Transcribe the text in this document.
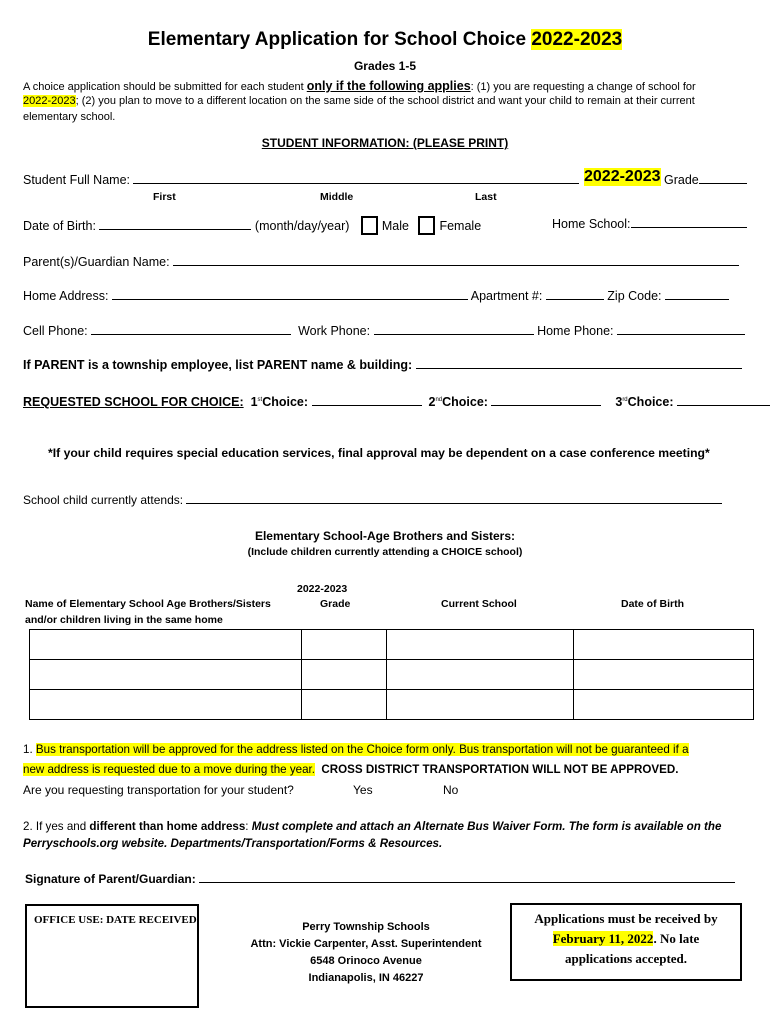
Elementary Application for School Choice 2022-2023
Grades 1-5
A choice application should be submitted for each student only if the following applies: (1) you are requesting a change of school for
2022-2023; (2) you plan to move to a different location on the same side of the school district and want your child to remain at their current
elementary school.
STUDENT INFORMATION: (PLEASE PRINT)
Student Full Name:	2022-2023 Grade
First	Middle	Last
Date of Birth:	(month/day/year)	Male Female	Home School:
Parent(s)/Guardian Name:
Home Address:	Apartment #:	Zip Code:
Cell Phone:	Work Phone:	Home Phone:
If PARENT is a township employee, list PARENT name & building:
REQUESTED SCHOOL FOR CHOICE: 1stChoice:	2ndChoice:	3rdChoice:
*If your child requires special education services, final approval may be dependent on a case conference meeting*
School child currently attends:
Elementary School-Age Brothers and Sisters:
(Include children currently attending a CHOICE school)
Name of Elementary School Age Brothers/Sisters
and/or children living in the same home
2022-2023
Grade	Current School	Date of Birth

1. Bus transportation will be approved for the address listed on the Choice form only. Bus transportation will not be guaranteed if a
new address is requested due to a move during the year. CROSS DISTRICT TRANSPORTATION WILL NOT BE APPROVED.
Are you requesting transportation for your student?	Yes	No
2. If yes and different than home address: Must complete and attach an Alternate Bus Waiver Form. The form is available on the
Perryschools.org website. Departments/Transportation/Forms & Resources.
Signature of Parent/Guardian:
OFFICE USE: DATE RECEIVED
Perry Township Schools
Attn: Vickie Carpenter, Asst. Superintendent
6548 Orinoco Avenue
Indianapolis, IN 46227
Applications must be received by
February 11, 2022. No late
applications accepted.
